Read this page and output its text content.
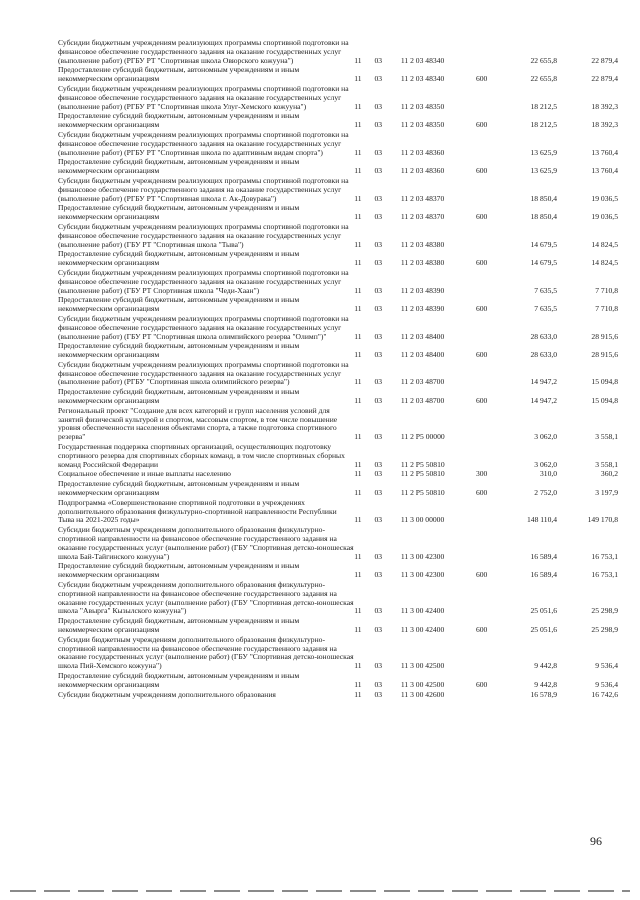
Субсидии бюджетным учреждениям реализующих программы спортивной подготовки на финансовое обеспечение государственного задания на оказание государственных услуг (выполнение работ) (РГБУ РТ "Спортивная школа Овюрского кожууна")	11	03	11 2 03 48340		22 655,8	22 879,4
Предоставление субсидий бюджетным, автономным учреждениям и иным некоммерческим организациям	11	03	11 2 03 48340	600	22 655,8	22 879,4
Субсидии бюджетным учреждениям реализующих программы спортивной подготовки на финансовое обеспечение государственного задания на оказание государственных услуг (выполнение работ) (РГБУ РТ "Спортивная школа Улуг-Хемского кожууна")	11	03	11 2 03 48350		18 212,5	18 392,3
Предоставление субсидий бюджетным, автономным учреждениям и иным некоммерческим организациям	11	03	11 2 03 48350	600	18 212,5	18 392,3
Субсидии бюджетным учреждениям реализующих программы спортивной подготовки на финансовое обеспечение государственного задания на оказание государственных услуг (выполнение работ) (РГБУ РТ "Спортивная школа по адаптивным видам спорта")	11	03	11 2 03 48360		13 625,9	13 760,4
Предоставление субсидий бюджетным, автономным учреждениям и иным некоммерческим организациям	11	03	11 2 03 48360	600	13 625,9	13 760,4
Субсидии бюджетным учреждениям реализующих программы спортивной подготовки на финансовое обеспечение государственного задания на оказание государственных услуг (выполнение работ) (РГБУ РТ "Спортивная школа г. Ак-Довурака")	11	03	11 2 03 48370		18 850,4	19 036,5
Предоставление субсидий бюджетным, автономным учреждениям и иным некоммерческим организациям	11	03	11 2 03 48370	600	18 850,4	19 036,5
Субсидии бюджетным учреждениям реализующих программы спортивной подготовки на финансовое обеспечение государственного задания на оказание государственных услуг (выполнение работ) (ГБУ РТ "Спортивная школа "Тыва")	11	03	11 2 03 48380		14 679,5	14 824,5
Предоставление субсидий бюджетным, автономным учреждениям и иным некоммерческим организациям	11	03	11 2 03 48380	600	14 679,5	14 824,5
Субсидии бюджетным учреждениям реализующих программы спортивной подготовки на финансовое обеспечение государственного задания на оказание государственных услуг (выполнение работ) (ГБУ РТ Спортивная школа "Чеди-Хаан")	11	03	11 2 03 48390		7 635,5	7 710,8
Предоставление субсидий бюджетным, автономным учреждениям и иным некоммерческим организациям	11	03	11 2 03 48390	600	7 635,5	7 710,8
Субсидии бюджетным учреждениям реализующих программы спортивной подготовки на финансовое обеспечение государственного задания на оказание государственных услуг (выполнение работ) (ГБУ РТ "Спортивная школа олимпийского резерва "Олимп")"	11	03	11 2 03 48400		28 633,0	28 915,6
Предоставление субсидий бюджетным, автономным учреждениям и иным некоммерческим организациям	11	03	11 2 03 48400	600	28 633,0	28 915,6
Субсидии бюджетным учреждениям реализующих программы спортивной подготовки на финансовое обеспечение государственного задания на оказание государственных услуг (выполнение работ) (РГБУ "Спортивная школа олимпийского резерва")	11	03	11 2 03 48700		14 947,2	15 094,8
Предоставление субсидий бюджетным, автономным учреждениям и иным некоммерческим организациям	11	03	11 2 03 48700	600	14 947,2	15 094,8
Региональный проект "Создание для всех категорий и групп населения условий для занятий физической культурой и спортом, массовым спортом, в том числе повышение уровня обеспеченности населения объектами спорта, а также подготовка спортивного резерва"	11	03	11 2 P5 00000		3 062,0	3 558,1
Государственная поддержка спортивных организаций, осуществляющих подготовку спортивного резерва для спортивных сборных команд, в том числе спортивных сборных команд Российской Федерации	11	03	11 2 P5 50810		3 062,0	3 558,1
Социальное обеспечение и иные выплаты населению	11	03	11 2 P5 50810	300	310,0	360,2
Предоставление субсидий бюджетным, автономным учреждениям и иным некоммерческим организациям	11	03	11 2 P5 50810	600	2 752,0	3 197,9
Подпрограмма «Совершенствование спортивной подготовки в учреждениях дополнительного образования физкультурно-спортивной направленности Республики Тыва на 2021-2025 годы»	11	03	11 3 00 00000		148 110,4	149 170,8
Субсидии бюджетным учреждениям дополнительного образования физкультурно-спортивной направленности на финансовое обеспечение государственного задания на оказание государственных услуг (выполнение работ) (ГБУ "Спортивная детско-юношеская школа Бай-Тайгинского кожууна")	11	03	11 3 00 42300		16 589,4	16 753,1
Предоставление субсидий бюджетным, автономным учреждениям и иным некоммерческим организациям	11	03	11 3 00 42300	600	16 589,4	16 753,1
Субсидии бюджетным учреждениям дополнительного образования физкультурно-спортивной направленности на финансовое обеспечение государственного задания на оказание государственных услуг (выполнение работ) (ГБУ "Спортивная детско-юношеская школа "Авырга" Кызылского кожууна")	11	03	11 3 00 42400		25 051,6	25 298,9
Предоставление субсидий бюджетным, автономным учреждениям и иным некоммерческим организациям	11	03	11 3 00 42400	600	25 051,6	25 298,9
Субсидии бюджетным учреждениям дополнительного образования физкультурно-спортивной направленности на финансовое обеспечение государственного задания на оказание государственных услуг (выполнение работ) (ГБУ "Спортивная детско-юношеская школа Пий-Хемского кожууна")	11	03	11 3 00 42500		9 442,8	9 536,4
Предоставление субсидий бюджетным, автономным учреждениям и иным некоммерческим организациям	11	03	11 3 00 42500	600	9 442,8	9 536,4
Субсидии бюджетным учреждениям дополнительного образования	11	03	11 3 00 42600		16 578,9	16 742,6
96
